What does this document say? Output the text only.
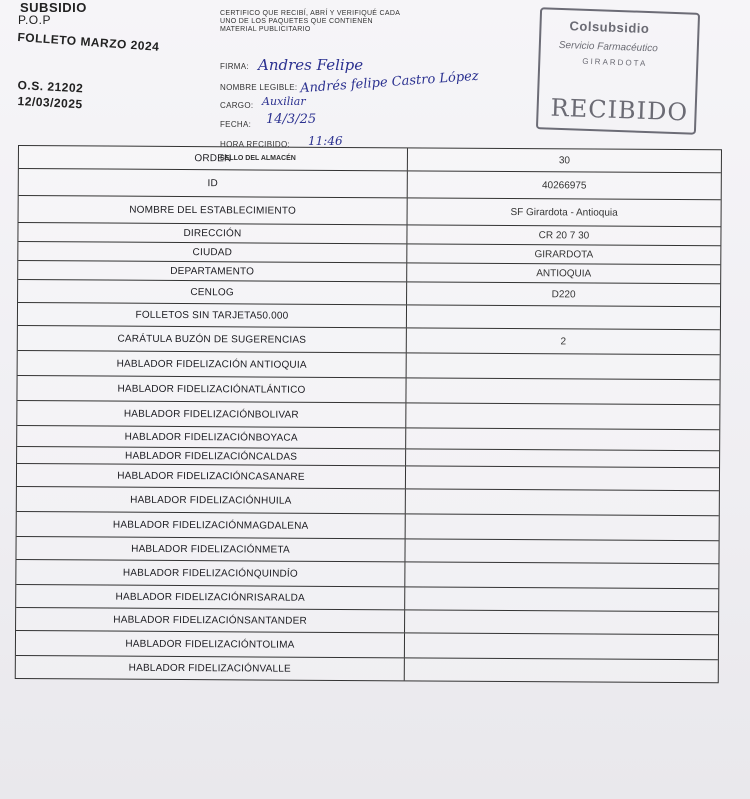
SUBSIDIO
P.O.P
FOLLETO MARZO 2024
O.S. 21202
12/03/2025
CERTIFICO QUE RECIBÍ, ABRÍ Y VERIFIQUÉ CADA UNO DE LOS PAQUETES QUE CONTIENEN MATERIAL PUBLICITARIO
FIRMA: Andres Felipe
NOMBRE LEGIBLE: Andrés felipe Castro López
CARGO: Auxiliar
FECHA: 14/3/25
HORA RECIBIDO: 11:46
Colsubsidio
Servicio Farmacéutico
GIRARDOTA
RECIBIDO
ORDEN	30
ID	40266975
NOMBRE DEL ESTABLECIMIENTO	SF Girardota - Antioquia
DIRECCIÓN	CR 20 7 30
CIUDAD	GIRARDOTA
DEPARTAMENTO	ANTIOQUIA
CENLOG	D220
FOLLETOS SIN TARJETA50.000
CARÁTULA BUZÓN DE SUGERENCIAS	2
HABLADOR FIDELIZACIÓN ANTIOQUIA
HABLADOR FIDELIZACIÓNATLÁNTICO
HABLADOR FIDELIZACIÓNBOLIVAR
HABLADOR FIDELIZACIÓNBOYACA
HABLADOR FIDELIZACIÓNCALDAS
HABLADOR FIDELIZACIÓNCASANARE
HABLADOR FIDELIZACIÓNHUILA
HABLADOR FIDELIZACIÓNMAGDALENA
HABLADOR FIDELIZACIÓNMETA
HABLADOR FIDELIZACIÓNQUINDÍO
HABLADOR FIDELIZACIÓNRISARALDA
HABLADOR FIDELIZACIÓNSANTANDER
HABLADOR FIDELIZACIÓNTOLIMA
HABLADOR FIDELIZACIÓNVALLE
SELLO DEL ALMACÉN
